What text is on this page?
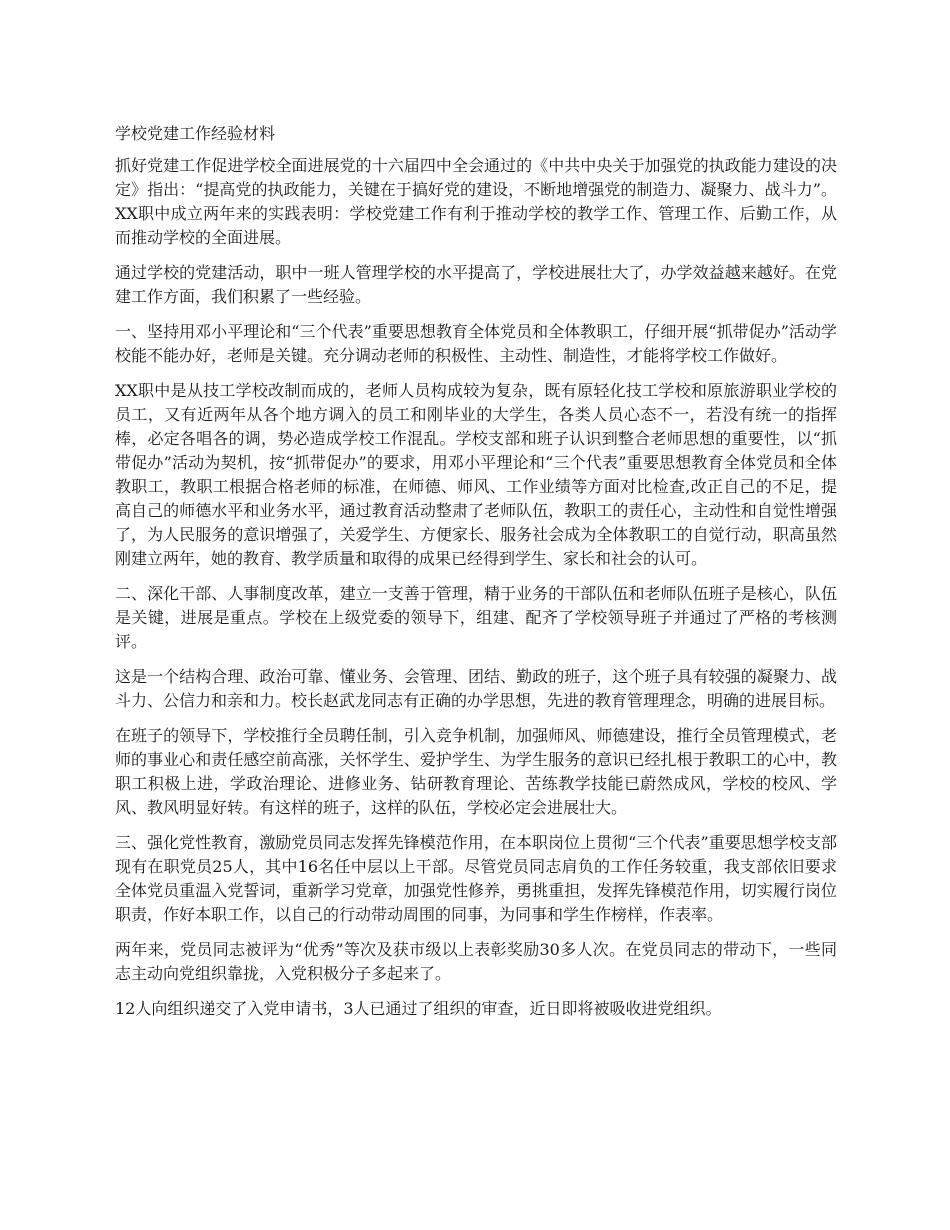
学校党建工作经验材料

抓好党建工作促进学校全面进展党的十六届四中全会通过的《中共中央关于加强党的执政能力建设的决定》指出：“提高党的执政能力，关键在于搞好党的建设，不断地增强党的制造力、凝聚力、战斗力”。XX职中成立两年来的实践表明：学校党建工作有利于推动学校的教学工作、管理工作、后勤工作，从而推动学校的全面进展。

通过学校的党建活动，职中一班人管理学校的水平提高了，学校进展壮大了，办学效益越来越好。在党建工作方面，我们积累了一些经验。

一、坚持用邓小平理论和“三个代表”重要思想教育全体党员和全体教职工，仔细开展“抓带促办”活动学校能不能办好，老师是关键。充分调动老师的积极性、主动性、制造性，才能将学校工作做好。

XX职中是从技工学校改制而成的，老师人员构成较为复杂，既有原轻化技工学校和原旅游职业学校的员工，又有近两年从各个地方调入的员工和刚毕业的大学生，各类人员心态不一，若没有统一的指挥棒，必定各唱各的调，势必造成学校工作混乱。学校支部和班子认识到整合老师思想的重要性，以“抓带促办”活动为契机，按“抓带促办”的要求，用邓小平理论和“三个代表”重要思想教育全体党员和全体教职工，教职工根据合格老师的标准，在师德、师风、工作业绩等方面对比检查,改正自己的不足，提高自己的师德水平和业务水平，通过教育活动整肃了老师队伍，教职工的责任心，主动性和自觉性增强了，为人民服务的意识增强了，关爱学生、方便家长、服务社会成为全体教职工的自觉行动，职高虽然刚建立两年，她的教育、教学质量和取得的成果已经得到学生、家长和社会的认可。

二、深化干部、人事制度改革，建立一支善于管理，精于业务的干部队伍和老师队伍班子是核心，队伍是关键，进展是重点。学校在上级党委的领导下，组建、配齐了学校领导班子并通过了严格的考核测评。

这是一个结构合理、政治可靠、懂业务、会管理、团结、勤政的班子，这个班子具有较强的凝聚力、战斗力、公信力和亲和力。校长赵武龙同志有正确的办学思想，先进的教育管理理念，明确的进展目标。

在班子的领导下，学校推行全员聘任制，引入竞争机制，加强师风、师德建设，推行全员管理模式，老师的事业心和责任感空前高涨，关怀学生、爱护学生、为学生服务的意识已经扎根于教职工的心中，教职工积极上进，学政治理论、进修业务、钻研教育理论、苦练教学技能已蔚然成风，学校的校风、学风、教风明显好转。有这样的班子，这样的队伍，学校必定会进展壮大。

三、强化党性教育，激励党员同志发挥先锋模范作用，在本职岗位上贯彻“三个代表”重要思想学校支部现有在职党员25人，其中16名任中层以上干部。尽管党员同志肩负的工作任务较重，我支部依旧要求全体党员重温入党誓词，重新学习党章，加强党性修养，勇挑重担，发挥先锋模范作用，切实履行岗位职责，作好本职工作，以自己的行动带动周围的同事，为同事和学生作榜样，作表率。

两年来，党员同志被评为“优秀”等次及获市级以上表彰奖励30多人次。在党员同志的带动下，一些同志主动向党组织靠拢，入党积极分子多起来了。

12人向组织递交了入党申请书，3人已通过了组织的审查，近日即将被吸收进党组织。
